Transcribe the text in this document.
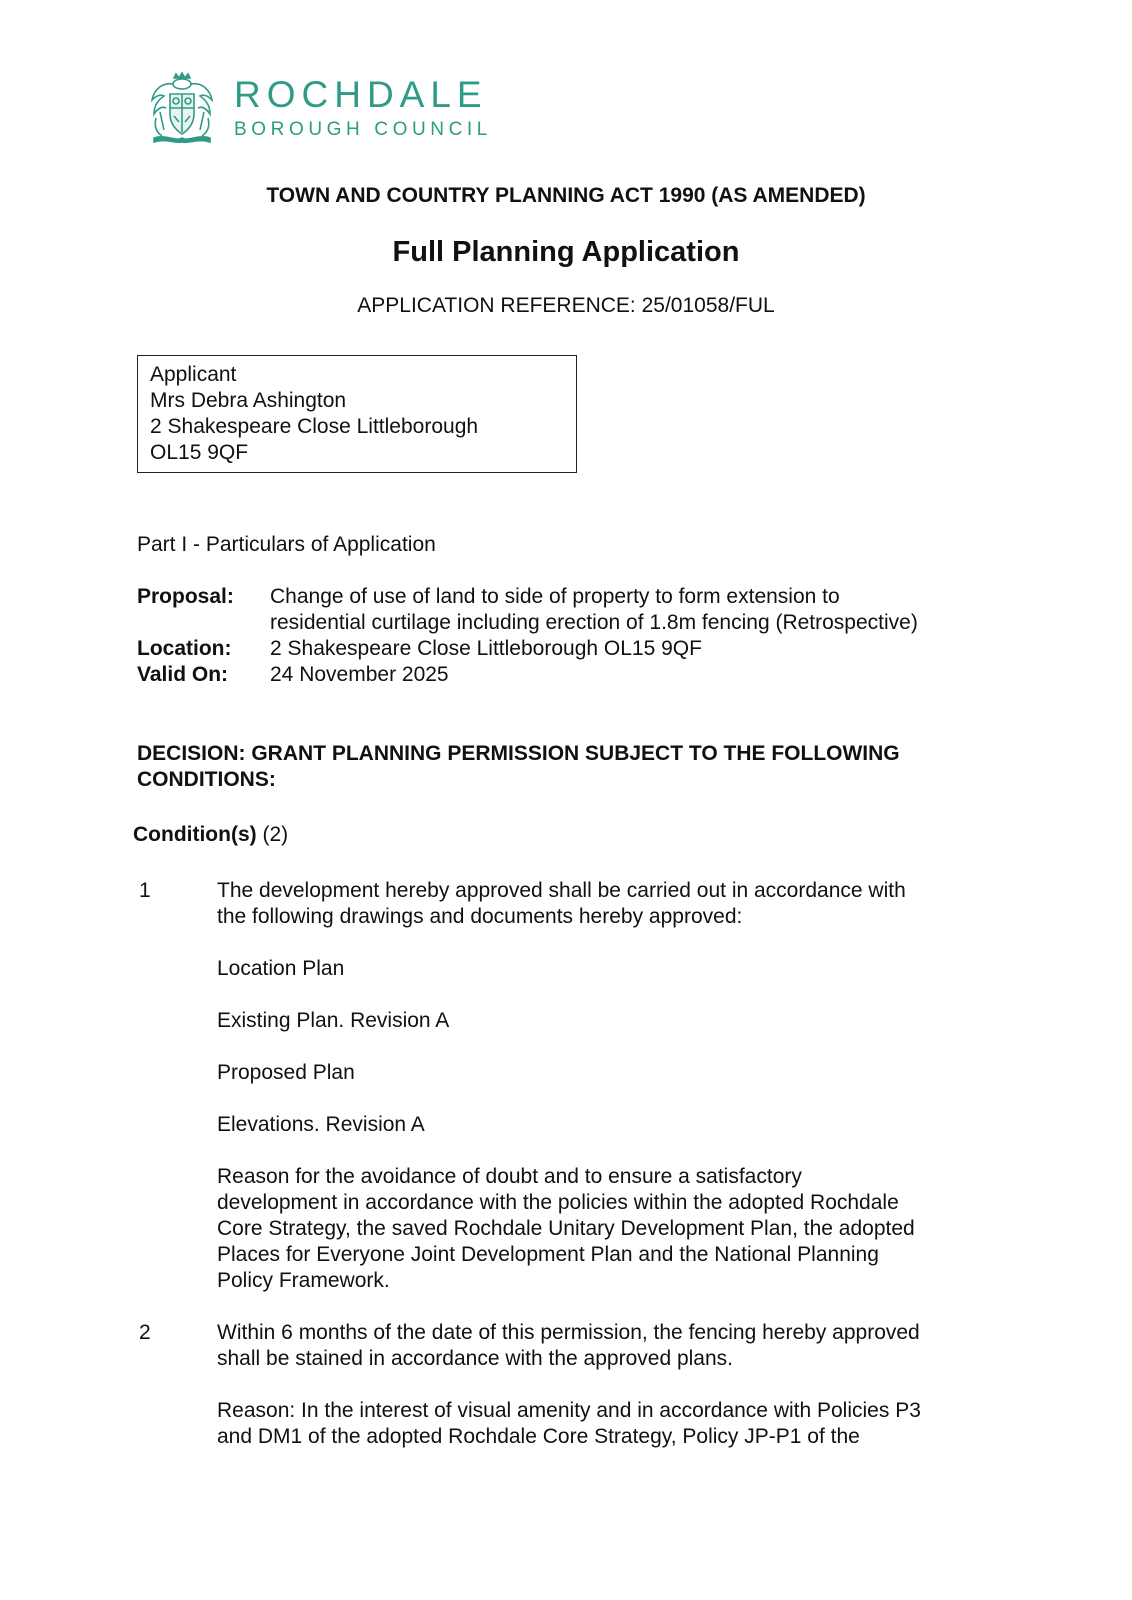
ROCHDALE
BOROUGH COUNCIL
TOWN AND COUNTRY PLANNING ACT 1990 (AS AMENDED)
Full Planning Application
APPLICATION REFERENCE: 25/01058/FUL
Applicant
Mrs Debra Ashington
2 Shakespeare Close Littleborough
OL15 9QF
Part I - Particulars of Application
Proposal: Change of use of land to side of property to form extension to
residential curtilage including erection of 1.8m fencing (Retrospective)
Location: 2 Shakespeare Close Littleborough OL15 9QF
Valid On: 24 November 2025
DECISION: GRANT PLANNING PERMISSION SUBJECT TO THE FOLLOWING
CONDITIONS:
Condition(s) (2)
1	The development hereby approved shall be carried out in accordance with
the following drawings and documents hereby approved:
Location Plan
Existing Plan. Revision A
Proposed Plan
Elevations. Revision A
Reason for the avoidance of doubt and to ensure a satisfactory
development in accordance with the policies within the adopted Rochdale
Core Strategy, the saved Rochdale Unitary Development Plan, the adopted
Places for Everyone Joint Development Plan and the National Planning
Policy Framework.
2	Within 6 months of the date of this permission, the fencing hereby approved
shall be stained in accordance with the approved plans.
Reason: In the interest of visual amenity and in accordance with Policies P3
and DM1 of the adopted Rochdale Core Strategy, Policy JP-P1 of the
